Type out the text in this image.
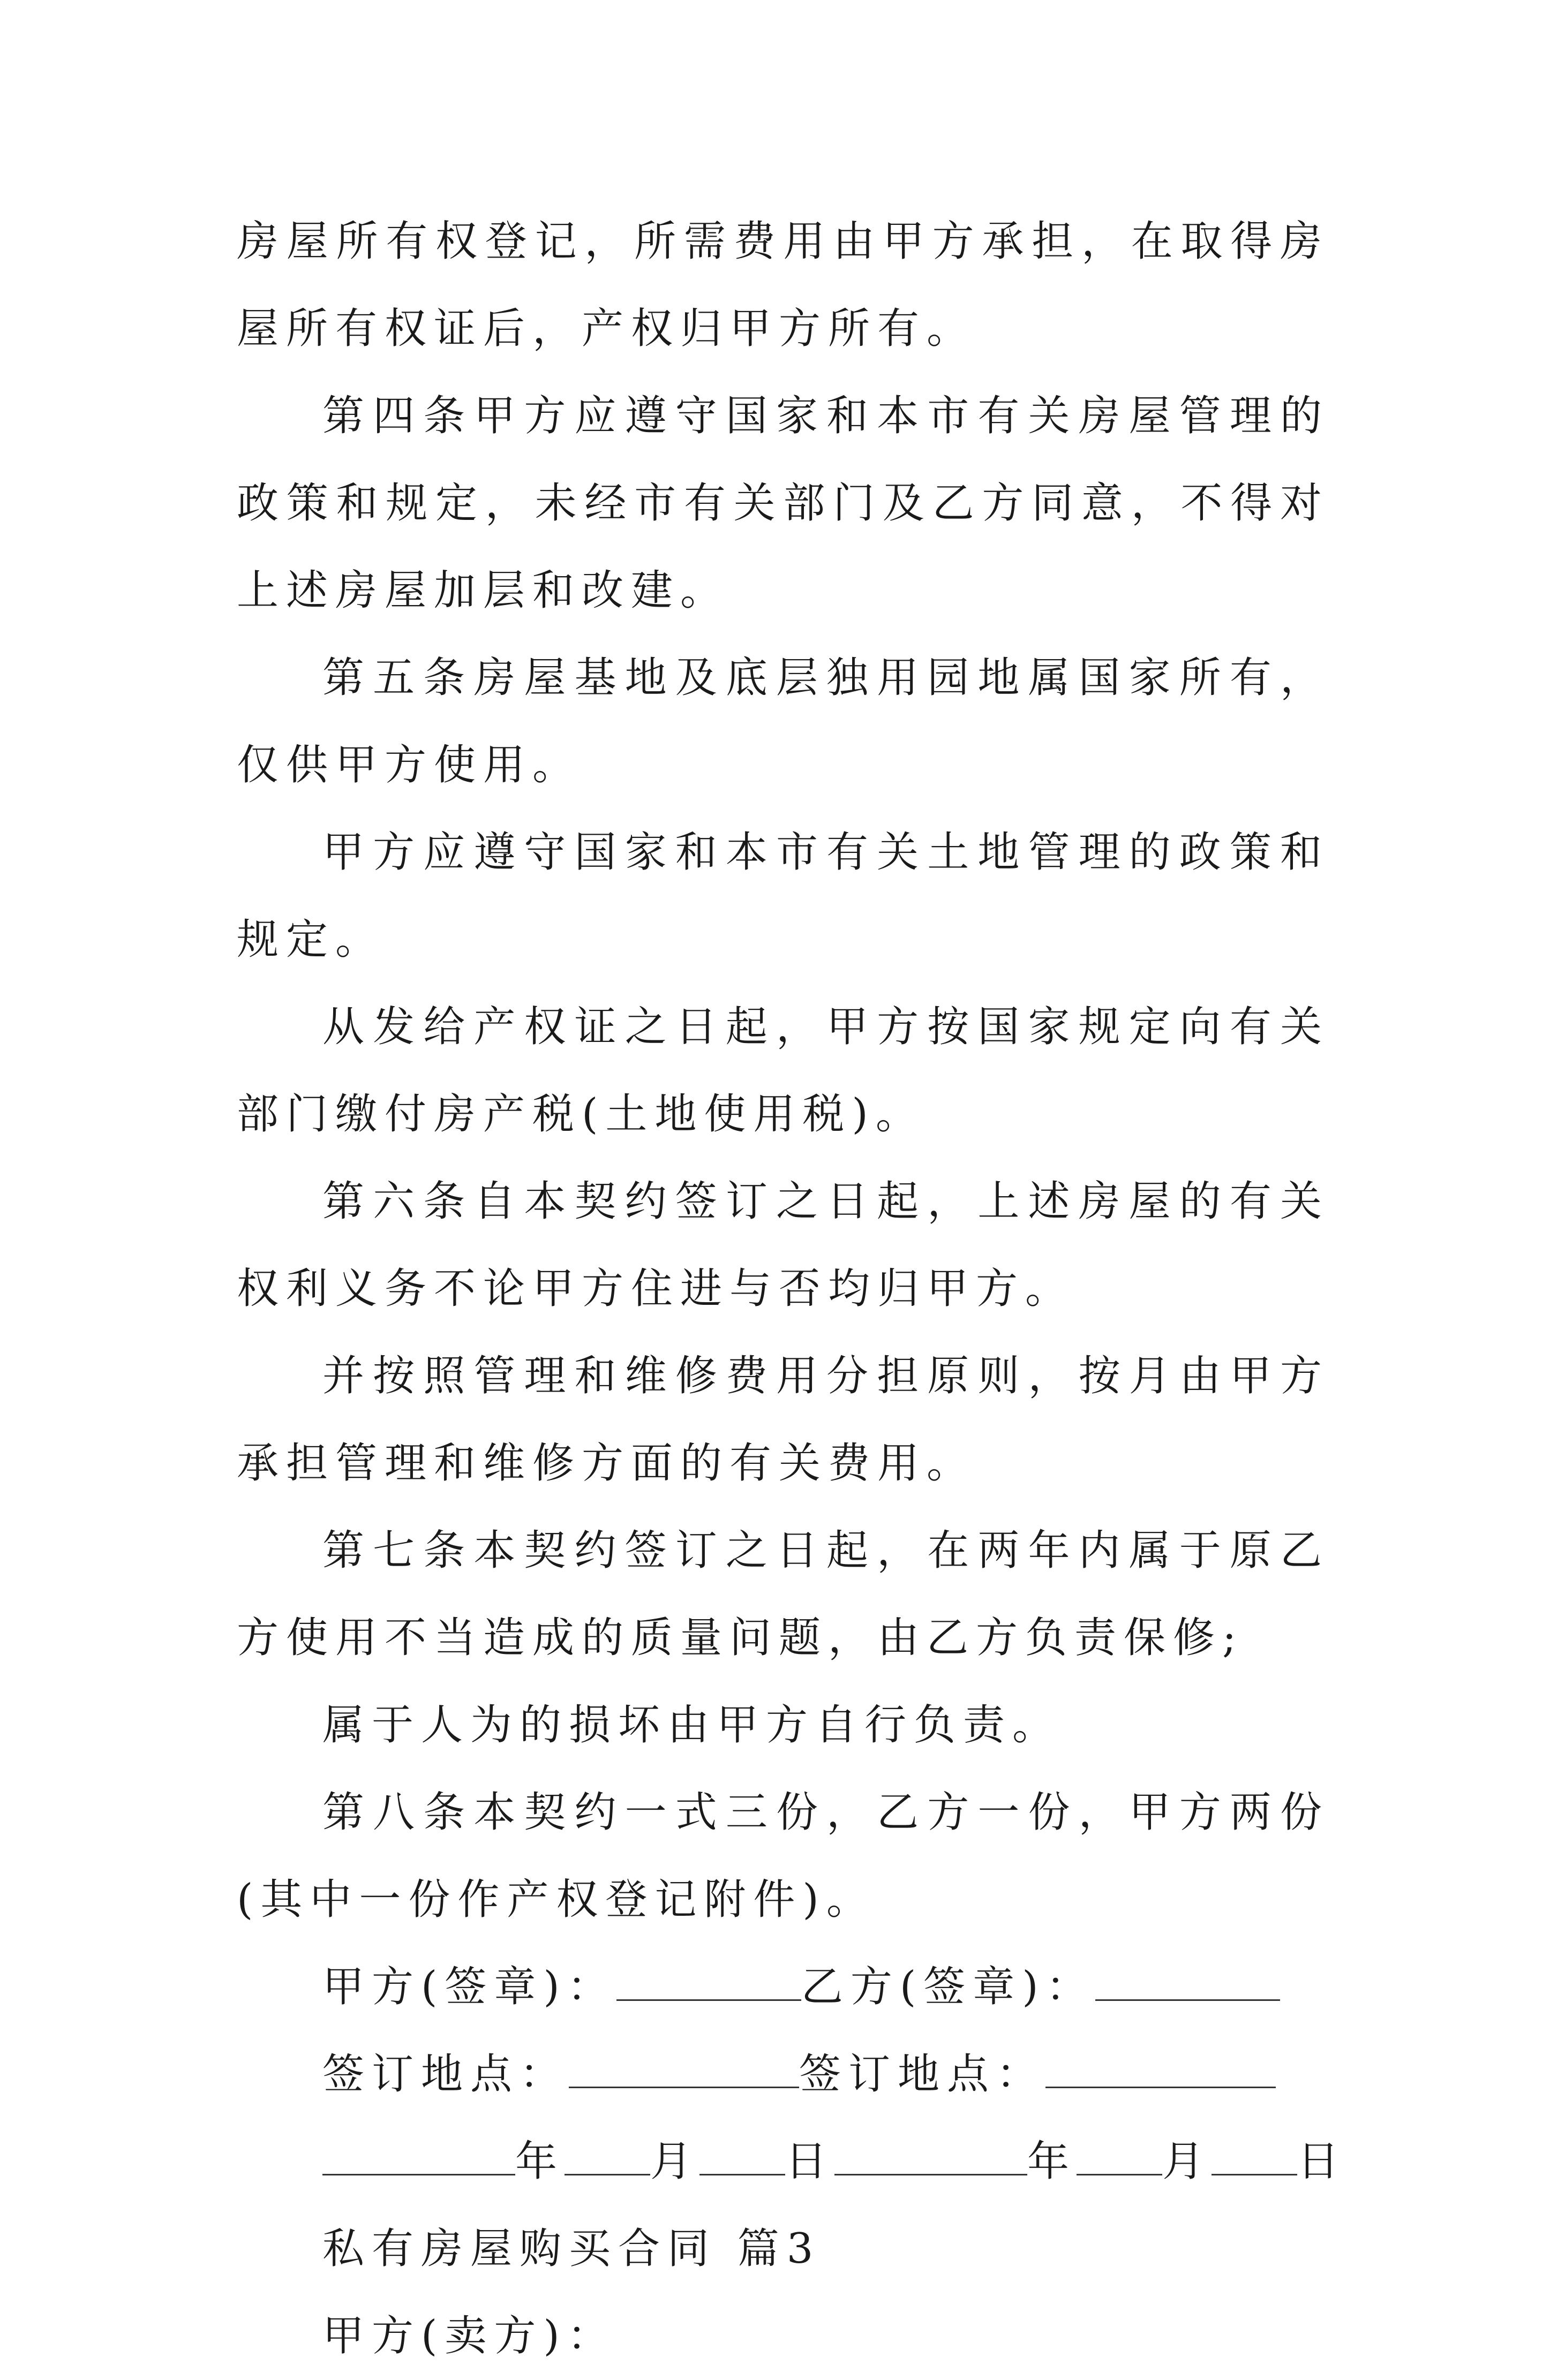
房屋所有权登记，所需费用由甲方承担，在取得房屋所有权证后，产权归甲方所有。

第四条甲方应遵守国家和本市有关房屋管理的政策和规定，未经市有关部门及乙方同意，不得对上述房屋加层和改建。

第五条房屋基地及底层独用园地属国家所有，仅供甲方使用。

甲方应遵守国家和本市有关土地管理的政策和规定。

从发给产权证之日起，甲方按国家规定向有关部门缴付房产税(土地使用税)。

第六条自本契约签订之日起，上述房屋的有关权利义务不论甲方住进与否均归甲方。

并按照管理和维修费用分担原则，按月由甲方承担管理和维修方面的有关费用。

第七条本契约签订之日起，在两年内属于原乙方使用不当造成的质量问题，由乙方负责保修;

属于人为的损坏由甲方自行负责。

第八条本契约一式三份，乙方一份，甲方两份(其中一份作产权登记附件)。

甲方(签章)：	乙方(签章)：

签订地点：	签订地点：

年 月 日	年 月 日

私有房屋购买合同 篇3

甲方(卖方)：
